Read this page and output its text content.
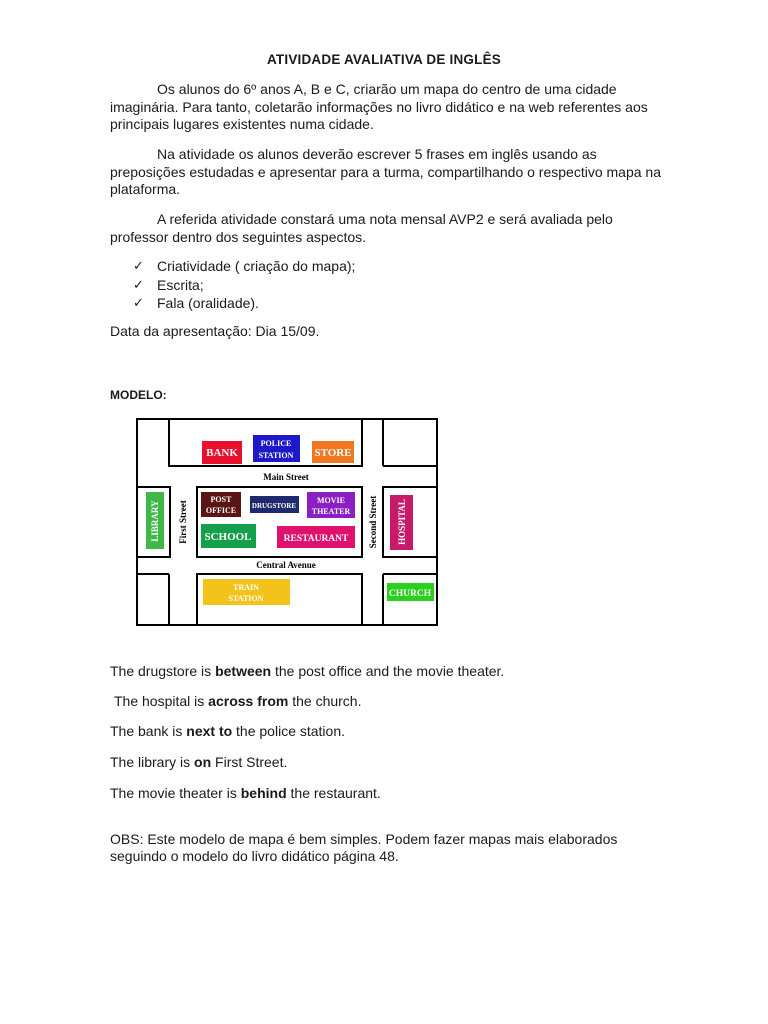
ATIVIDADE AVALIATIVA DE INGLÊS
Os alunos do 6º anos A, B e C, criarão um mapa do centro de uma cidade imaginária. Para tanto, coletarão informações no livro didático e na web referentes aos principais lugares existentes numa cidade.
Na atividade os alunos deverão escrever 5 frases em inglês usando as preposições estudadas e apresentar para a turma, compartilhando o respectivo mapa na plataforma.
A referida atividade constará uma nota mensal AVP2 e será avaliada pelo professor dentro dos seguintes aspectos.
✓ Criatividade ( criação do mapa);
✓ Escrita;
✓ Fala (oralidade).
Data da apresentação: Dia 15/09.
MODELO:
Main Street
Central Avenue
First Street	Second Street
BANK
POLICE
STATION STORE
LIBRARY
POST
OFFICE DRUGSTORE
MOVIE
THEATER
SCHOOL	RESTAURANT	HOSPITAL
TRAIN
STATION	CHURCH
The drugstore is between the post office and the movie theater.
The hospital is across from the church.
The bank is next to the police station.
The library is on First Street.
The movie theater is behind the restaurant.
OBS: Este modelo de mapa é bem simples. Podem fazer mapas mais elaborados seguindo o modelo do livro didático página 48.
